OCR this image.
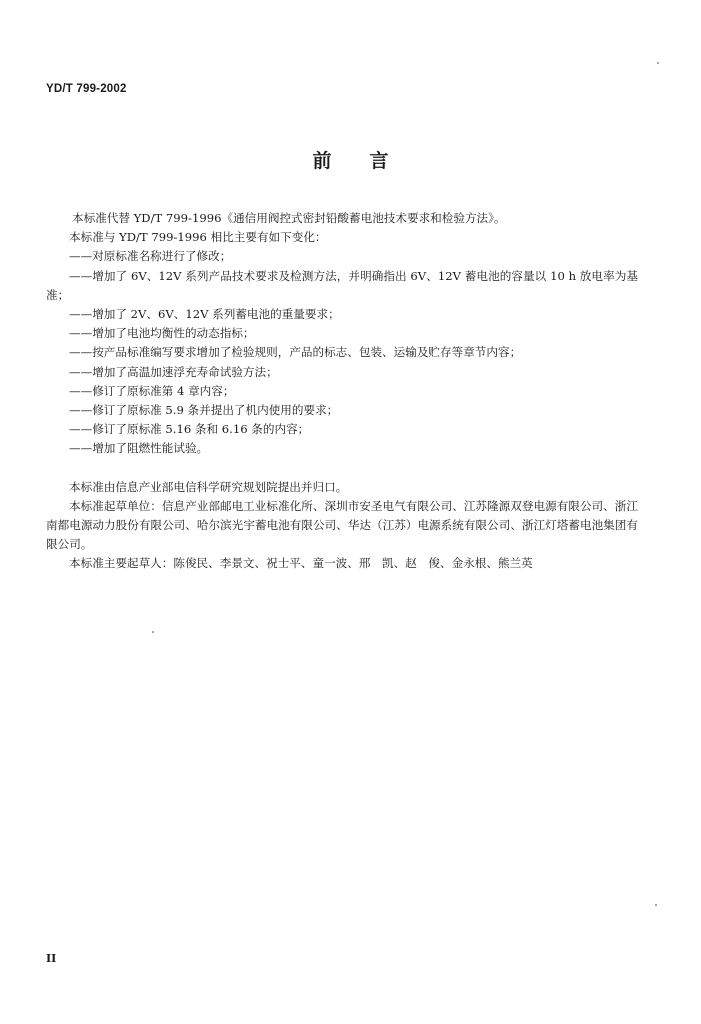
YD/T 799-2002
前 言

本标准代替 YD/T 799-1996《通信用阀控式密封铅酸蓄电池技术要求和检验方法》。

本标准与 YD/T 799-1996 相比主要有如下变化：

——对原标准名称进行了修改；

——增加了 6V、12V 系列产品技术要求及检测方法，并明确指出 6V、12V 蓄电池的容量以 10 h 放电率为基准；

——增加了 2V、6V、12V 系列蓄电池的重量要求；

——增加了电池均衡性的动态指标；

——按产品标准编写要求增加了检验规则，产品的标志、包装、运输及贮存等章节内容；

——增加了高温加速浮充寿命试验方法；

——修订了原标准第 4 章内容；

——修订了原标准 5.9 条并提出了机内使用的要求；

——修订了原标准 5.16 条和 6.16 条的内容；

——增加了阻燃性能试验。

本标准由信息产业部电信科学研究规划院提出并归口。

本标准起草单位：信息产业部邮电工业标准化所、深圳市安圣电气有限公司、江苏隆源双登电源有限公司、浙江南都电源动力股份有限公司、哈尔滨光宇蓄电池有限公司、华达（江苏）电源系统有限公司、浙江灯塔蓄电池集团有限公司。

本标准主要起草人：陈俊民、李景文、祝士平、童一波、邢　凯、赵　俊、金永根、熊兰英

II
